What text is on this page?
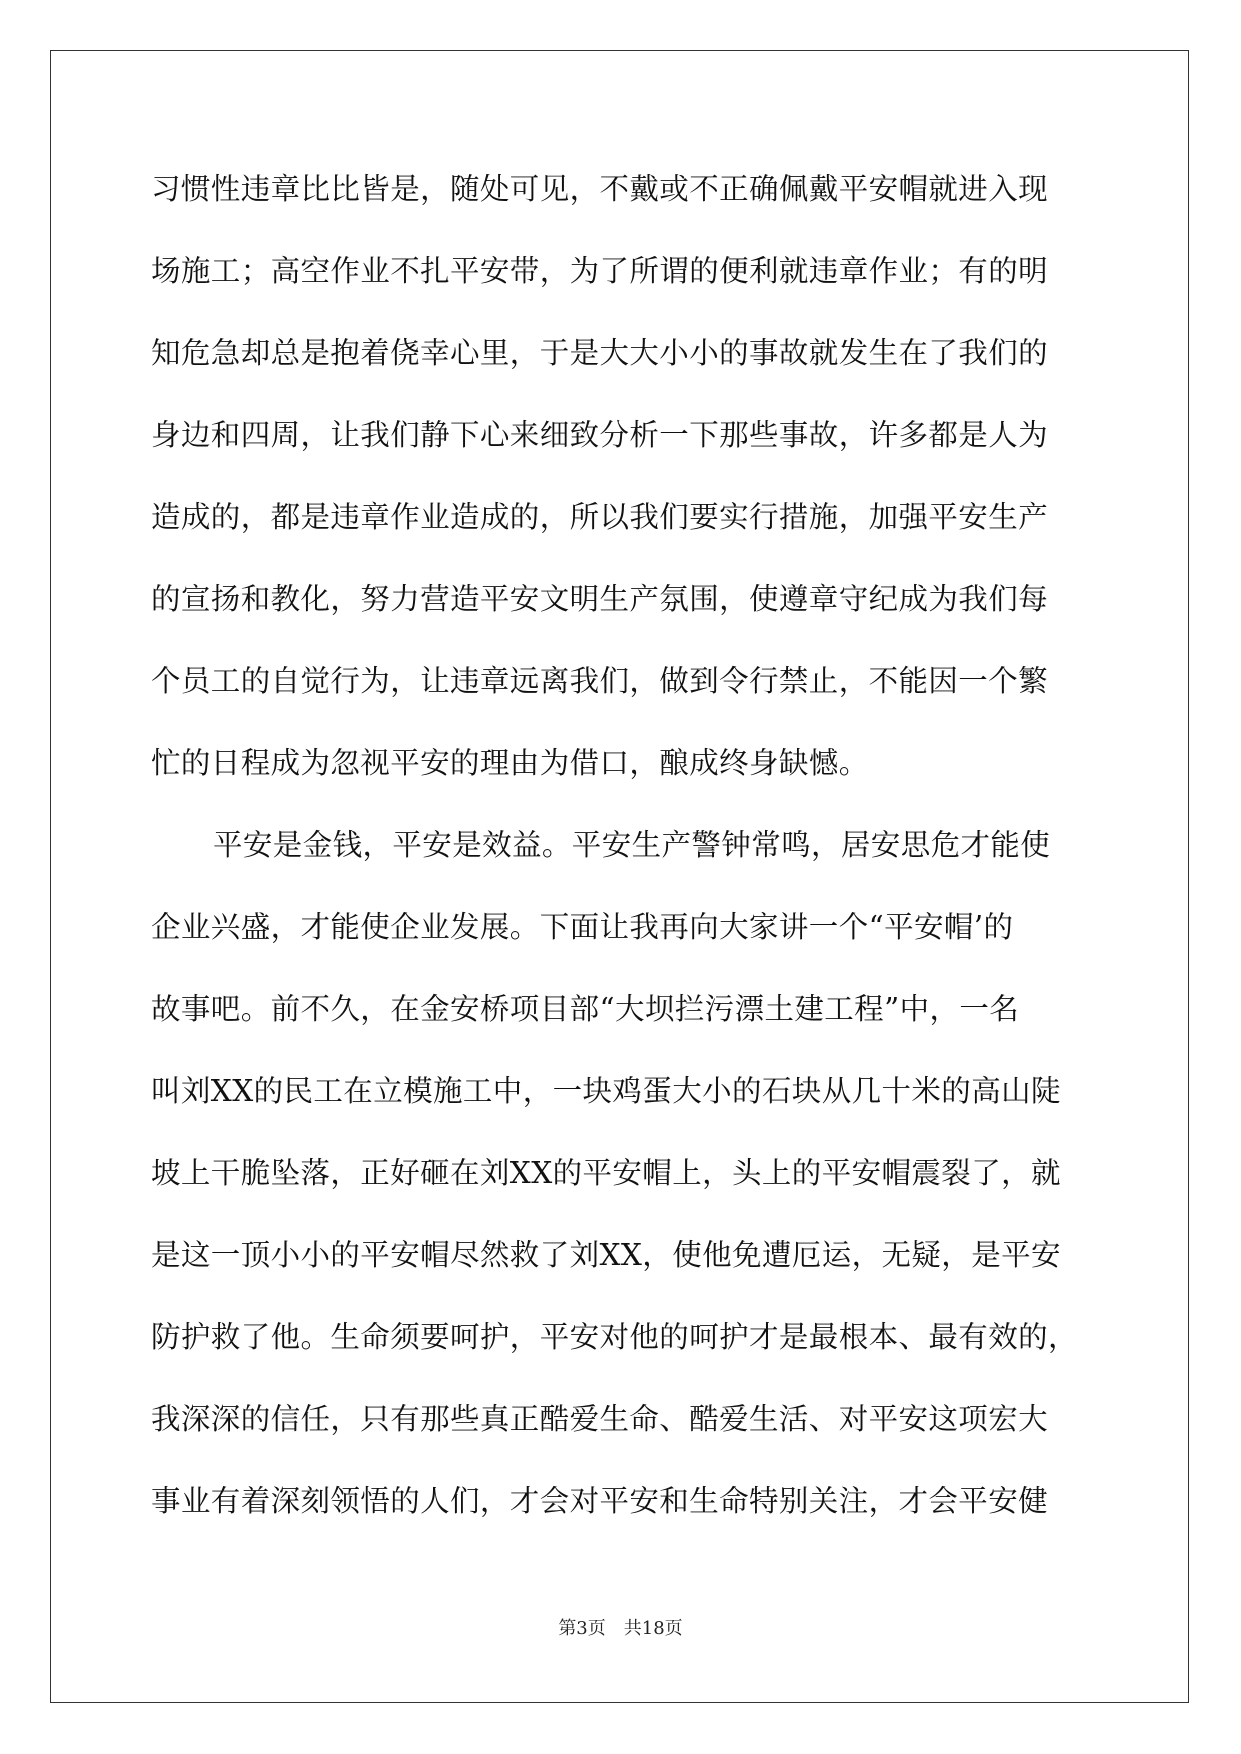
习惯性违章比比皆是，随处可见，不戴或不正确佩戴平安帽就进入现
场施工；高空作业不扎平安带，为了所谓的便利就违章作业；有的明
知危急却总是抱着侥幸心里，于是大大小小的事故就发生在了我们的
身边和四周，让我们静下心来细致分析一下那些事故，许多都是人为
造成的，都是违章作业造成的，所以我们要实行措施，加强平安生产
的宣扬和教化，努力营造平安文明生产氛围，使遵章守纪成为我们每
个员工的自觉行为，让违章远离我们，做到令行禁止，不能因一个繁
忙的日程成为忽视平安的理由为借口，酿成终身缺憾。
平安是金钱，平安是效益。平安生产警钟常鸣，居安思危才能使
企业兴盛，才能使企业发展。下面让我再向大家讲一个“平安帽’的
故事吧。前不久，在金安桥项目部“大坝拦污漂土建工程”中，一名
叫刘XX的民工在立模施工中，一块鸡蛋大小的石块从几十米的高山陡
坡上干脆坠落，正好砸在刘XX的平安帽上，头上的平安帽震裂了，就
是这一顶小小的平安帽尽然救了刘XX，使他免遭厄运，无疑，是平安
防护救了他。生命须要呵护，平安对他的呵护才是最根本、最有效的，
我深深的信任，只有那些真正酷爱生命、酷爱生活、对平安这项宏大
事业有着深刻领悟的人们，才会对平安和生命特别关注，才会平安健
第3页 共18页
